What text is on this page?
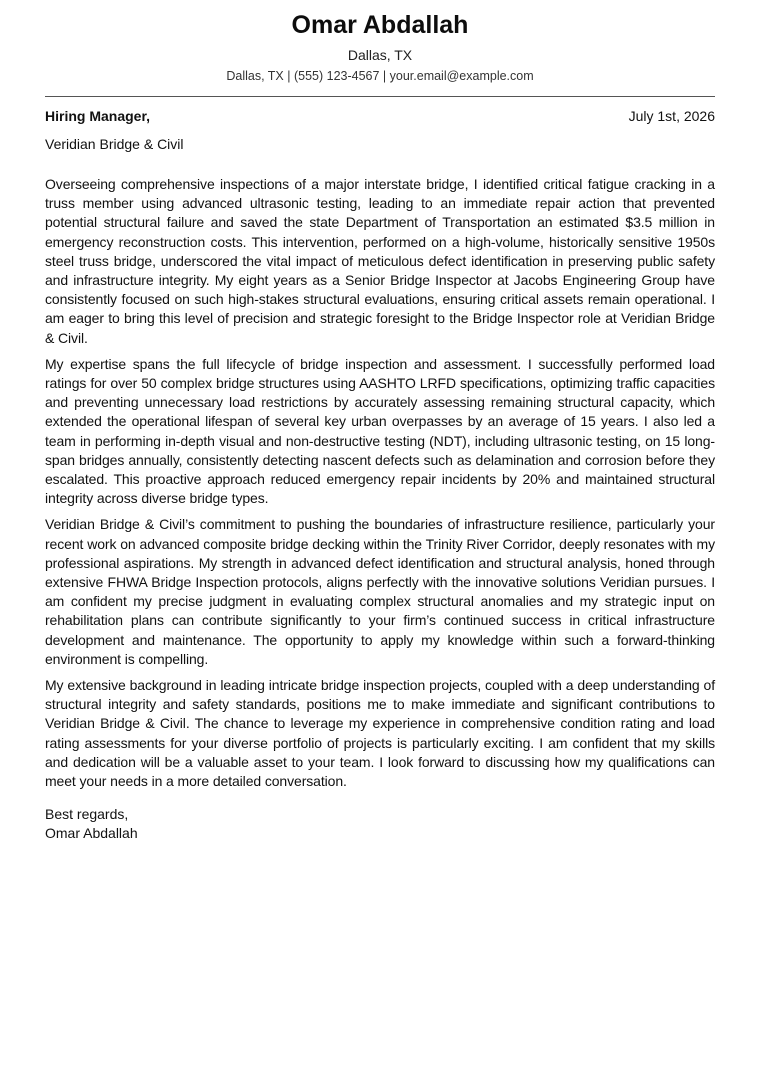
Omar Abdallah
Dallas, TX
Dallas, TX | (555) 123-4567 | your.email@example.com
Hiring Manager,	July 1st, 2026
Veridian Bridge & Civil

Overseeing comprehensive inspections of a major interstate bridge, I identified critical fatigue cracking in a truss member using advanced ultrasonic testing, leading to an immediate repair action that prevented potential structural failure and saved the state Department of Transportation an estimated $3.5 million in emergency reconstruction costs. This intervention, performed on a high-volume, historically sensitive 1950s steel truss bridge, underscored the vital impact of meticulous defect identification in preserving public safety and infrastructure integrity. My eight years as a Senior Bridge Inspector at Jacobs Engineering Group have consistently focused on such high-stakes structural evaluations, ensuring critical assets remain operational. I am eager to bring this level of precision and strategic foresight to the Bridge Inspector role at Veridian Bridge & Civil.

My expertise spans the full lifecycle of bridge inspection and assessment. I successfully performed load ratings for over 50 complex bridge structures using AASHTO LRFD specifications, optimizing traffic capacities and preventing unnecessary load restrictions by accurately assessing remaining structural capacity, which extended the operational lifespan of several key urban overpasses by an average of 15 years. I also led a team in performing in-depth visual and non-destructive testing (NDT), including ultrasonic testing, on 15 long-span bridges annually, consistently detecting nascent defects such as delamination and corrosion before they escalated. This proactive approach reduced emergency repair incidents by 20% and maintained structural integrity across diverse bridge types.

Veridian Bridge & Civil’s commitment to pushing the boundaries of infrastructure resilience, particularly your recent work on advanced composite bridge decking within the Trinity River Corridor, deeply resonates with my professional aspirations. My strength in advanced defect identification and structural analysis, honed through extensive FHWA Bridge Inspection protocols, aligns perfectly with the innovative solutions Veridian pursues. I am confident my precise judgment in evaluating complex structural anomalies and my strategic input on rehabilitation plans can contribute significantly to your firm’s continued success in critical infrastructure development and maintenance. The opportunity to apply my knowledge within such a forward-thinking environment is compelling.

My extensive background in leading intricate bridge inspection projects, coupled with a deep understanding of structural integrity and safety standards, positions me to make immediate and significant contributions to Veridian Bridge & Civil. The chance to leverage my experience in comprehensive condition rating and load rating assessments for your diverse portfolio of projects is particularly exciting. I am confident that my skills and dedication will be a valuable asset to your team. I look forward to discussing how my qualifications can meet your needs in a more detailed conversation.

Best regards,
Omar Abdallah
